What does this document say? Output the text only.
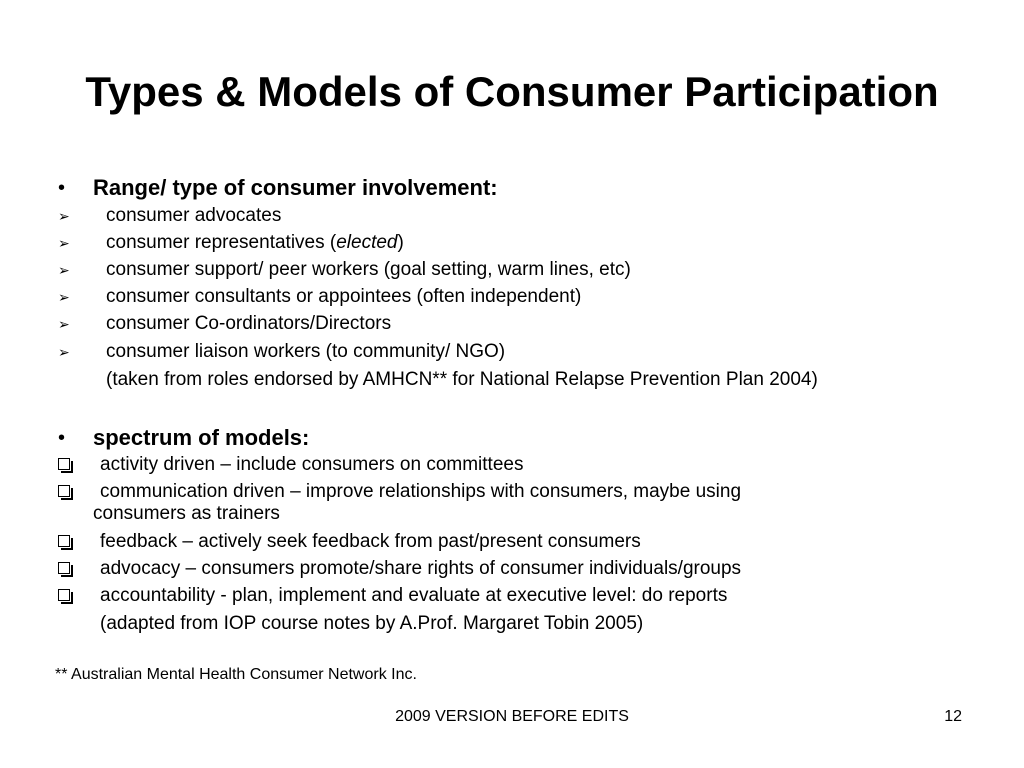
Types & Models of Consumer Participation
• Range/ type of consumer involvement:
➢ consumer advocates
➢ consumer representatives (elected)
➢ consumer support/ peer workers (goal setting, warm lines, etc)
➢ consumer consultants or appointees (often independent)
➢ consumer Co-ordinators/Directors
➢ consumer liaison workers (to community/ NGO)
(taken from roles endorsed by AMHCN** for National Relapse Prevention Plan 2004)
• spectrum of models:
activity driven – include consumers on committees
communication driven – improve relationships with consumers, maybe using
consumers as trainers
feedback – actively seek feedback from past/present consumers
advocacy – consumers promote/share rights of consumer individuals/groups
accountability - plan, implement and evaluate at executive level: do reports
(adapted from IOP course notes by A.Prof. Margaret Tobin 2005)
** Australian Mental Health Consumer Network Inc.
2009 VERSION BEFORE EDITS	12
